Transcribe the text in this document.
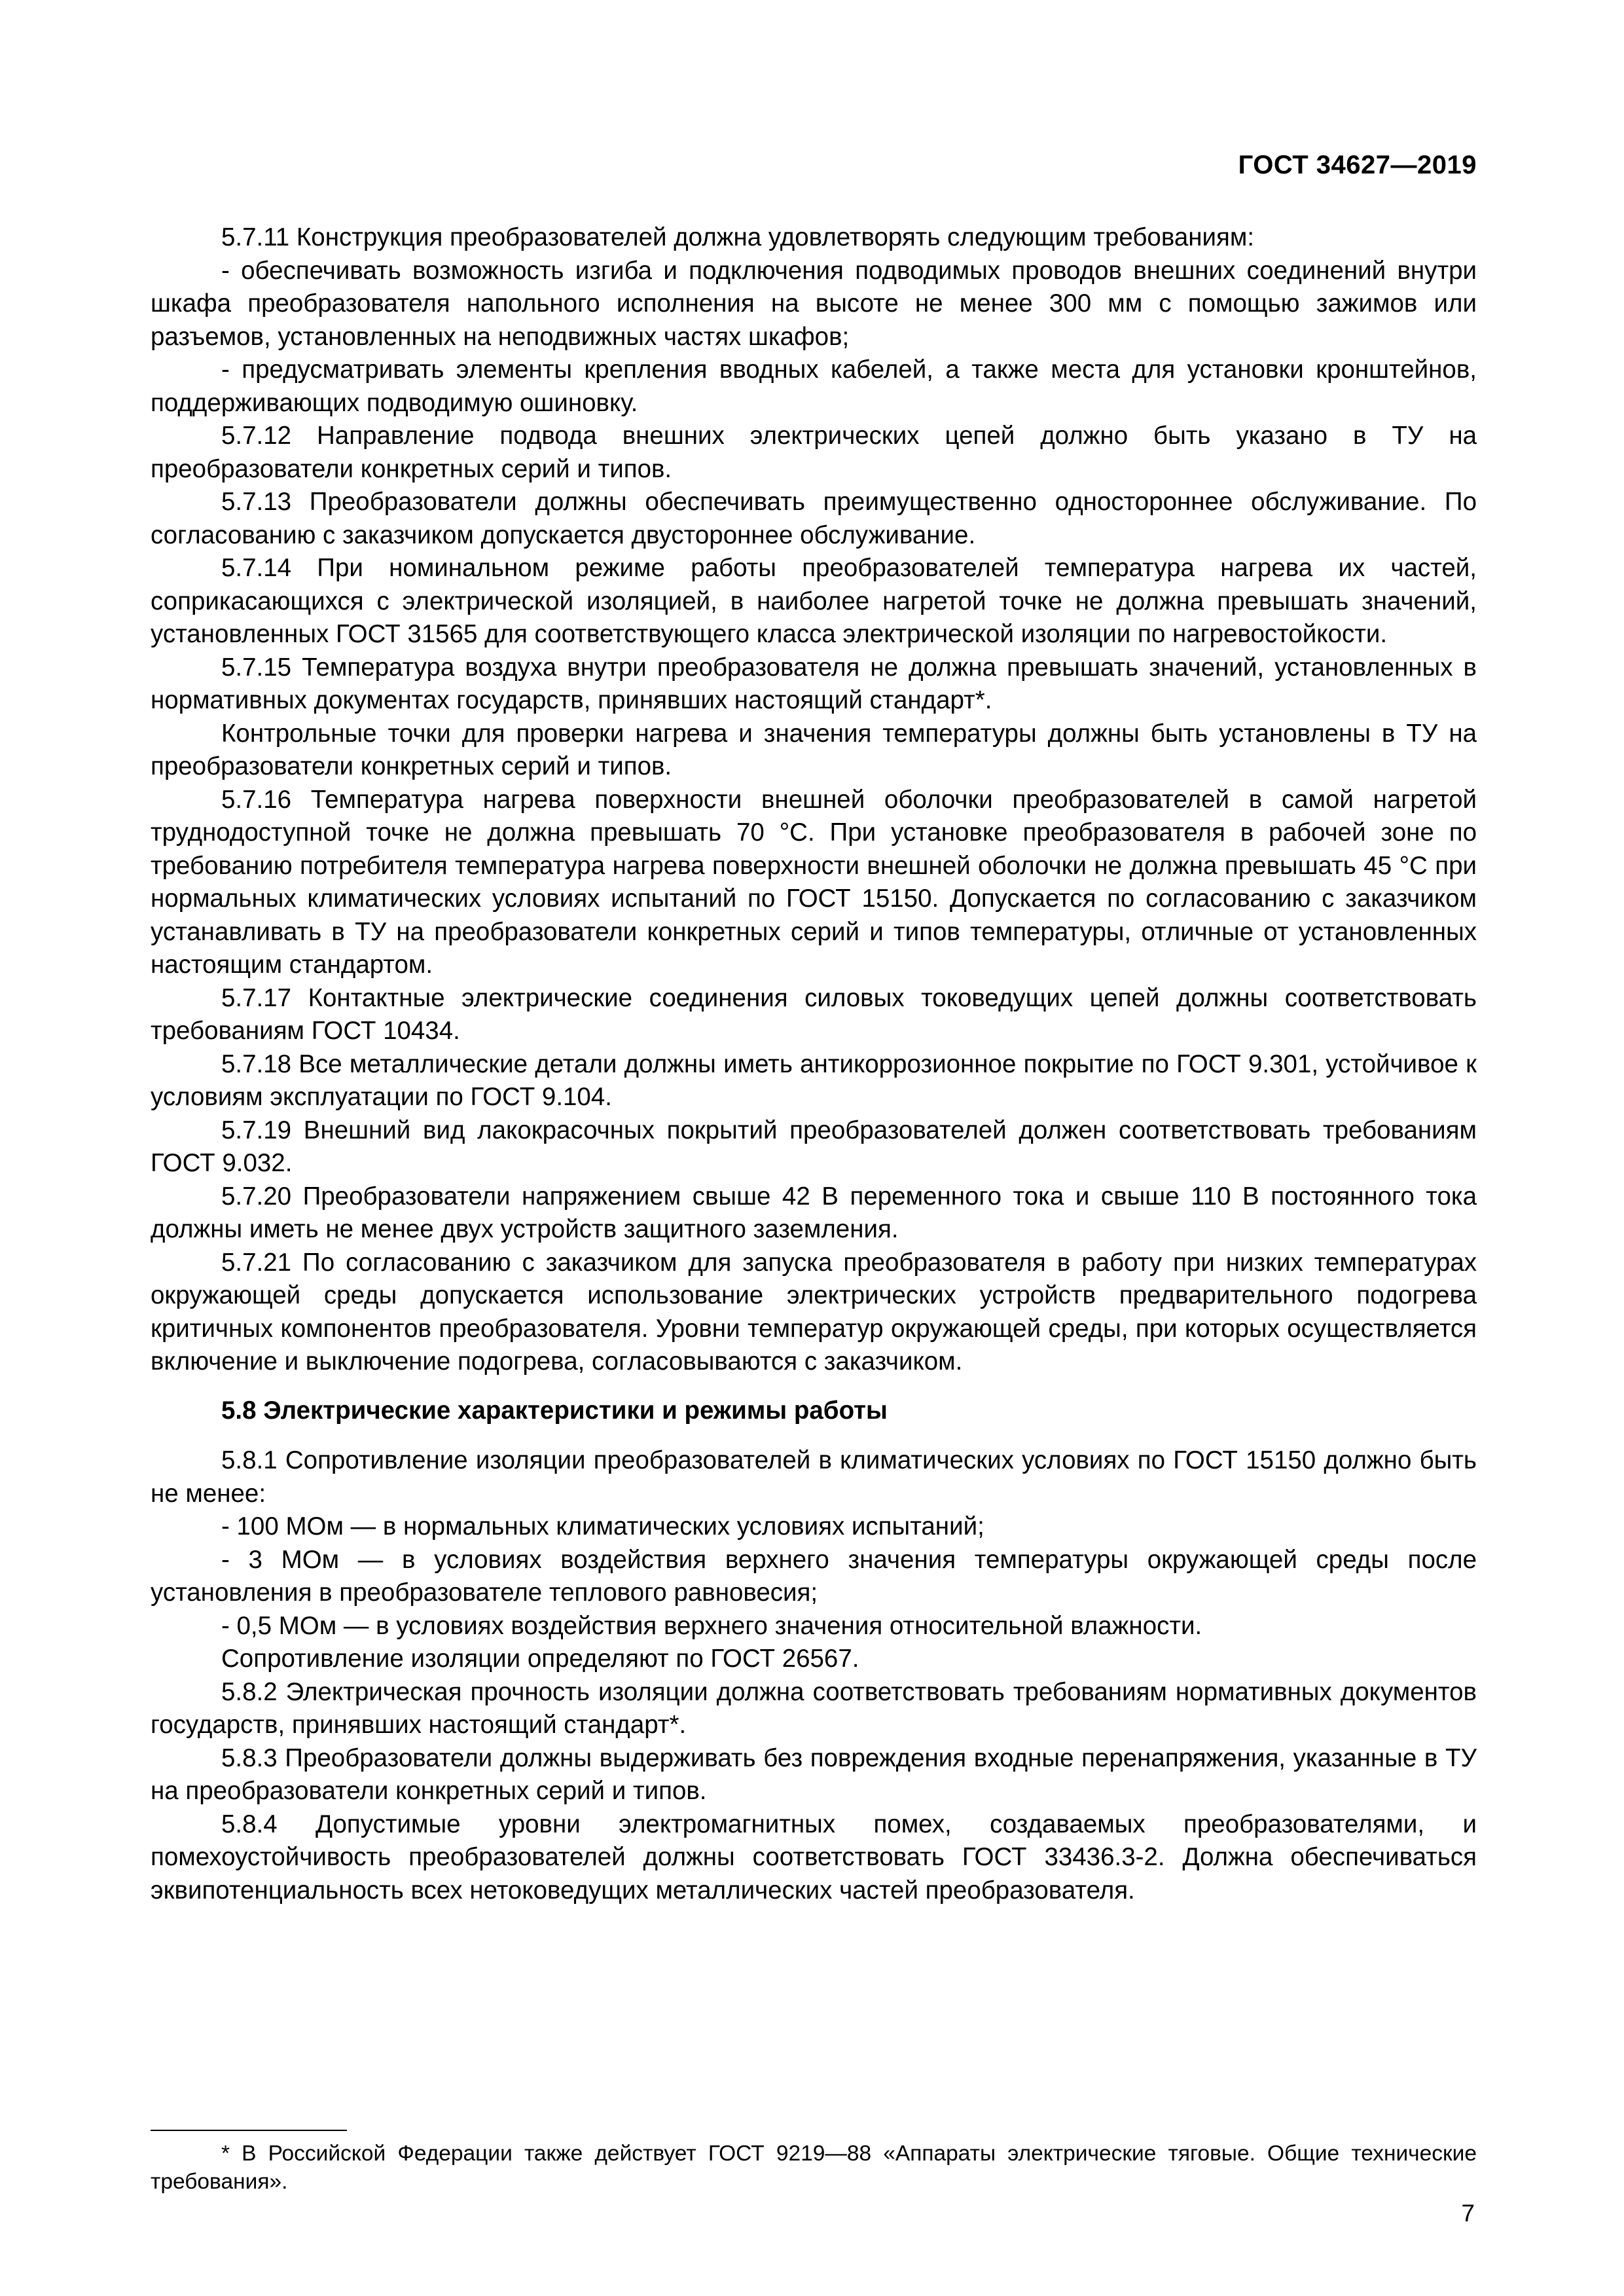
ГОСТ 34627—2019

5.7.11 Конструкция преобразователей должна удовлетворять следующим требованиям:

- обеспечивать возможность изгиба и подключения подводимых проводов внешних соединений внутри шкафа преобразователя напольного исполнения на высоте не менее 300 мм с помощью зажимов или разъемов, установленных на неподвижных частях шкафов;

- предусматривать элементы крепления вводных кабелей, а также места для установки кронштейнов, поддерживающих подводимую ошиновку.

5.7.12 Направление подвода внешних электрических цепей должно быть указано в ТУ на преобразователи конкретных серий и типов.

5.7.13 Преобразователи должны обеспечивать преимущественно одностороннее обслуживание. По согласованию с заказчиком допускается двустороннее обслуживание.

5.7.14 При номинальном режиме работы преобразователей температура нагрева их частей, соприкасающихся с электрической изоляцией, в наиболее нагретой точке не должна превышать значений, установленных ГОСТ 31565 для соответствующего класса электрической изоляции по нагревостойкости.

5.7.15 Температура воздуха внутри преобразователя не должна превышать значений, установленных в нормативных документах государств, принявших настоящий стандарт*.

Контрольные точки для проверки нагрева и значения температуры должны быть установлены в ТУ на преобразователи конкретных серий и типов.

5.7.16 Температура нагрева поверхности внешней оболочки преобразователей в самой нагретой труднодоступной точке не должна превышать 70 °С. При установке преобразователя в рабочей зоне по требованию потребителя температура нагрева поверхности внешней оболочки не должна превышать 45 °С при нормальных климатических условиях испытаний по ГОСТ 15150. Допускается по согласованию с заказчиком устанавливать в ТУ на преобразователи конкретных серий и типов температуры, отличные от установленных настоящим стандартом.

5.7.17 Контактные электрические соединения силовых токоведущих цепей должны соответствовать требованиям ГОСТ 10434.

5.7.18 Все металлические детали должны иметь антикоррозионное покрытие по ГОСТ 9.301, устойчивое к условиям эксплуатации по ГОСТ 9.104.

5.7.19 Внешний вид лакокрасочных покрытий преобразователей должен соответствовать требованиям ГОСТ 9.032.

5.7.20 Преобразователи напряжением свыше 42 В переменного тока и свыше 110 В постоянного тока должны иметь не менее двух устройств защитного заземления.

5.7.21 По согласованию с заказчиком для запуска преобразователя в работу при низких температурах окружающей среды допускается использование электрических устройств предварительного подогрева критичных компонентов преобразователя. Уровни температур окружающей среды, при которых осуществляется включение и выключение подогрева, согласовываются с заказчиком.

5.8 Электрические характеристики и режимы работы

5.8.1 Сопротивление изоляции преобразователей в климатических условиях по ГОСТ 15150 должно быть не менее:

- 100 МОм — в нормальных климатических условиях испытаний;

- 3 МОм — в условиях воздействия верхнего значения температуры окружающей среды после установления в преобразователе теплового равновесия;

- 0,5 МОм — в условиях воздействия верхнего значения относительной влажности.

Сопротивление изоляции определяют по ГОСТ 26567.

5.8.2 Электрическая прочность изоляции должна соответствовать требованиям нормативных документов государств, принявших настоящий стандарт*.

5.8.3 Преобразователи должны выдерживать без повреждения входные перенапряжения, указанные в ТУ на преобразователи конкретных серий и типов.

5.8.4 Допустимые уровни электромагнитных помех, создаваемых преобразователями, и помехоустойчивость преобразователей должны соответствовать ГОСТ 33436.3-2. Должна обеспечиваться эквипотенциальность всех нетоковедущих металлических частей преобразователя.

* В Российской Федерации также действует ГОСТ 9219—88 «Аппараты электрические тяговые. Общие технические требования».

7
